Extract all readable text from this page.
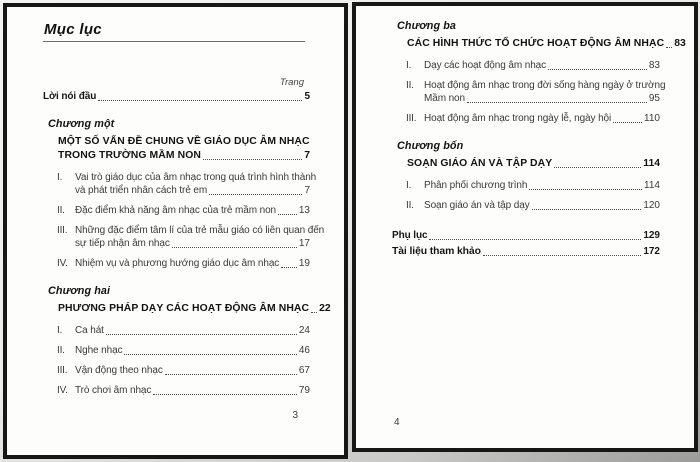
Mục lục
Trang
Lời nói đầu	5
Chương một
MỘT SỐ VẤN ĐỀ CHUNG VỀ GIÁO DỤC ÂM NHẠC
TRONG TRƯỜNG MẦM NON	7
I.	Vai trò giáo dục của âm nhạc trong quá trình hình thành
và phát triển nhân cách trẻ em	7
II.	Đặc điểm khả năng âm nhạc của trẻ mầm non 13
III. Những đặc điểm tâm lí của trẻ mẫu giáo có liên quan đến
sự tiếp nhận âm nhạc	17
IV. Nhiệm vụ và phương hướng giáo dục âm nhạc 19
Chương hai
PHƯƠNG PHÁP DẠY CÁC HOẠT ĐỘNG ÂM NHẠC 22
I.	Ca hát	24
II.	Nghe nhạc	46
III. Vận động theo nhạc	67
IV. Trò chơi âm nhạc	79
3
Chương ba
CÁC HÌNH THỨC TỔ CHỨC HOẠT ĐỘNG ÂM NHẠC 83
I.	Dạy các hoạt động âm nhạc	83
II.	Hoạt động âm nhạc trong đời sống hàng ngày ở trường
Mầm non	95
III. Hoạt động âm nhạc trong ngày lễ, ngày hội	110
Chương bốn
SOẠN GIÁO ÁN VÀ TẬP DẠY	114
I.	Phân phối chương trình	114
II.	Soạn giáo án và tập dạy	120
Phụ lục	129
Tài liệu tham khảo	172
4
